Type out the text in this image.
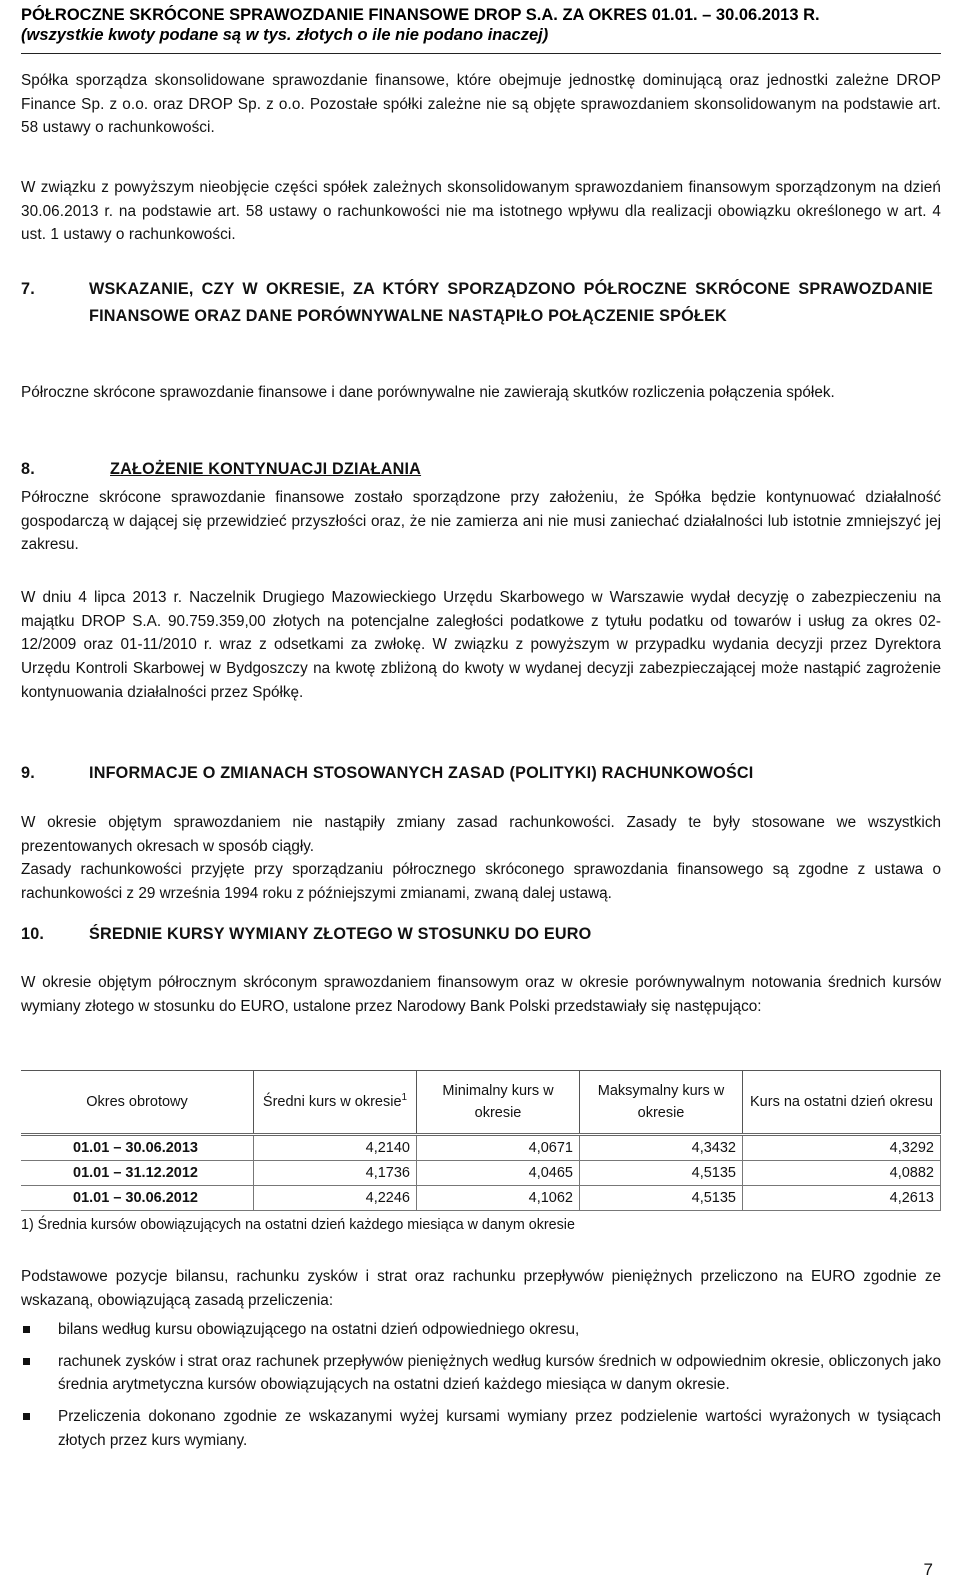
PÓŁROCZNE SKRÓCONE SPRAWOZDANIE FINANSOWE DROP S.A. ZA OKRES 01.01. – 30.06.2013 R.
(wszystkie kwoty podane są w tys. złotych o ile nie podano inaczej)
Spółka sporządza skonsolidowane sprawozdanie finansowe, które obejmuje jednostkę dominującą oraz jednostki zależne DROP Finance Sp. z o.o. oraz DROP Sp. z o.o. Pozostałe spółki zależne nie są objęte sprawozdaniem skonsolidowanym na podstawie art. 58 ustawy o rachunkowości.
W związku z powyższym nieobjęcie części spółek zależnych skonsolidowanym sprawozdaniem finansowym sporządzonym na dzień 30.06.2013 r. na podstawie art. 58 ustawy o rachunkowości nie ma istotnego wpływu dla realizacji obowiązku określonego w art. 4 ust. 1 ustawy o rachunkowości.
7.	WSKAZANIE, CZY W OKRESIE, ZA KTÓRY SPORZĄDZONO PÓŁROCZNE SKRÓCONE SPRAWOZDANIE FINANSOWE ORAZ DANE PORÓWNYWALNE NASTĄPIŁO POŁĄCZENIE SPÓŁEK
Półroczne skrócone sprawozdanie finansowe i dane porównywalne nie zawierają skutków rozliczenia połączenia spółek.
8.	ZAŁOŻENIE KONTYNUACJI DZIAŁANIA
Półroczne skrócone sprawozdanie finansowe zostało sporządzone przy założeniu, że Spółka będzie kontynuować działalność gospodarczą w dającej się przewidzieć przyszłości oraz, że nie zamierza ani nie musi zaniechać działalności lub istotnie zmniejszyć jej zakresu.
W dniu 4 lipca 2013 r. Naczelnik Drugiego Mazowieckiego Urzędu Skarbowego w Warszawie wydał decyzję o zabezpieczeniu na majątku DROP S.A. 90.759.359,00 złotych na potencjalne zaległości podatkowe z tytułu podatku od towarów i usług za okres 02-12/2009 oraz 01-11/2010 r. wraz z odsetkami za zwłokę. W związku z powyższym w przypadku wydania decyzji przez Dyrektora Urzędu Kontroli Skarbowej w Bydgoszczy na kwotę zbliżoną do kwoty w wydanej decyzji zabezpieczającej może nastąpić zagrożenie kontynuowania działalności przez Spółkę.
9.	INFORMACJE O ZMIANACH STOSOWANYCH ZASAD (POLITYKI) RACHUNKOWOŚCI
W okresie objętym sprawozdaniem nie nastąpiły zmiany zasad rachunkowości. Zasady te były stosowane we wszystkich prezentowanych okresach w sposób ciągły.
Zasady rachunkowości przyjęte przy sporządzaniu półrocznego skróconego sprawozdania finansowego są zgodne z ustawa o rachunkowości z 29 września 1994 roku z późniejszymi zmianami, zwaną dalej ustawą.
10.	ŚREDNIE KURSY WYMIANY ZŁOTEGO W STOSUNKU DO EURO
W okresie objętym półrocznym skróconym sprawozdaniem finansowym oraz w okresie porównywalnym notowania średnich kursów wymiany złotego w stosunku do EURO, ustalone przez Narodowy Bank Polski przedstawiały się następująco:
Okres obrotowy	Średni kurs w okresie$^1$	Minimalny kurs w okresie	Maksymalny kurs w okresie	Kurs na ostatni dzień okresu
01.01 – 30.06.2013	4,2140	4,0671	4,3432	4,3292
01.01 – 31.12.2012	4,1736	4,0465	4,5135	4,0882
01.01 – 30.06.2012	4,2246	4,1062	4,5135	4,2613
1) Średnia kursów obowiązujących na ostatni dzień każdego miesiąca w danym okresie
Podstawowe pozycje bilansu, rachunku zysków i strat oraz rachunku przepływów pieniężnych przeliczono na EURO zgodnie ze wskazaną, obowiązującą zasadą przeliczenia:
bilans według kursu obowiązującego na ostatni dzień odpowiedniego okresu,
rachunek zysków i strat oraz rachunek przepływów pieniężnych według kursów średnich w odpowiednim okresie, obliczonych jako średnia arytmetyczna kursów obowiązujących na ostatni dzień każdego miesiąca w danym okresie.
Przeliczenia dokonano zgodnie ze wskazanymi wyżej kursami wymiany przez podzielenie wartości wyrażonych w tysiącach złotych przez kurs wymiany.
7
